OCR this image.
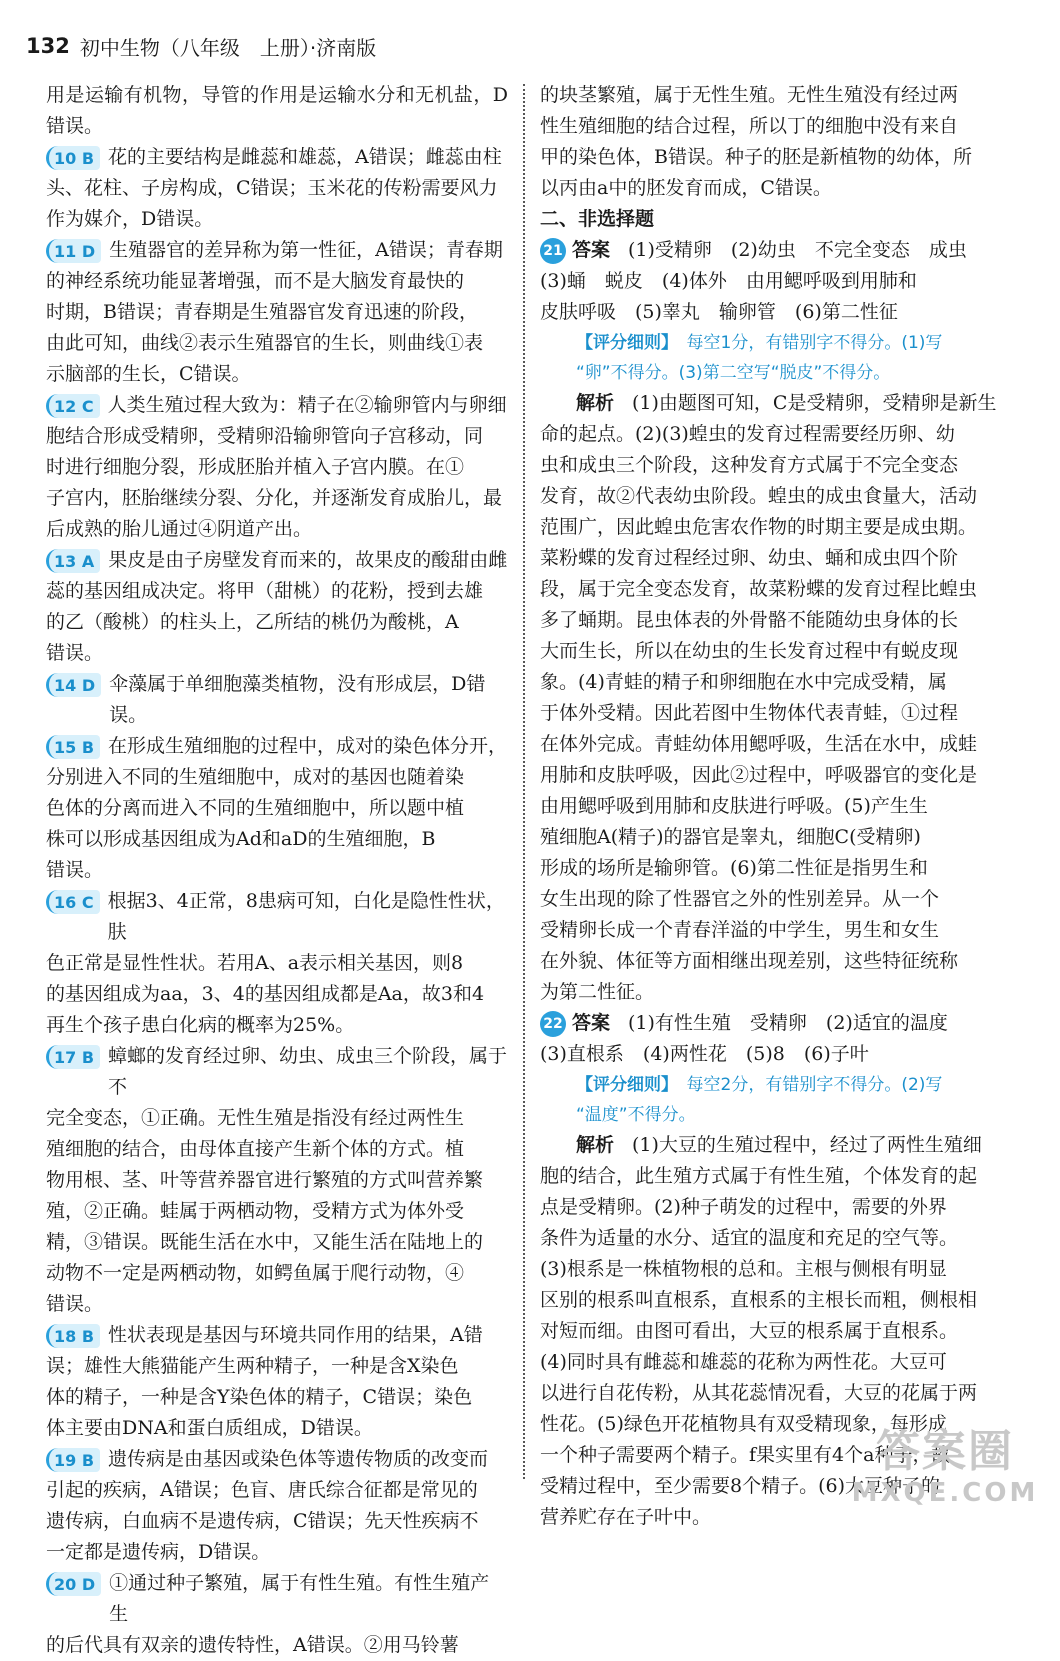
132 初中生物（八年级　上册）·济南版

用是运输有机物，导管的作用是运输水分和无机盐，D错误。

10 B 花的主要结构是雌蕊和雄蕊，A错误；雌蕊由柱

头、花柱、子房构成，C错误；玉米花的传粉需要风力

作为媒介，D错误。

11 D 生殖器官的差异称为第一性征，A错误；青春期

的神经系统功能显著增强，而不是大脑发育最快的

时期，B错误；青春期是生殖器官发育迅速的阶段，

由此可知，曲线②表示生殖器官的生长，则曲线①表

示脑部的生长，C错误。

12 C 人类生殖过程大致为：精子在②输卵管内与卵细

胞结合形成受精卵，受精卵沿输卵管向子宫移动，同

时进行细胞分裂，形成胚胎并植入子宫内膜。在①

子宫内，胚胎继续分裂、分化，并逐渐发育成胎儿，最

后成熟的胎儿通过④阴道产出。

13 A 果皮是由子房壁发育而来的，故果皮的酸甜由雌

蕊的基因组成决定。将甲（甜桃）的花粉，授到去雄

的乙（酸桃）的柱头上，乙所结的桃仍为酸桃，A

错误。

14 D 伞藻属于单细胞藻类植物，没有形成层，D错误。
15 B 在形成生殖细胞的过程中，成对的染色体分开，

分别进入不同的生殖细胞中，成对的基因也随着染

色体的分离而进入不同的生殖细胞中，所以题中植

株可以形成基因组成为Ad和aD的生殖细胞，B

错误。

16 C 根据3、4正常，8患病可知，白化是隐性性状，肤

色正常是显性性状。若用A、a表示相关基因，则8

的基因组成为aa，3、4的基因组成都是Aa，故3和4

再生个孩子患白化病的概率为25%。

17 B 蟑螂的发育经过卵、幼虫、成虫三个阶段，属于不

完全变态，①正确。无性生殖是指没有经过两性生

殖细胞的结合，由母体直接产生新个体的方式。植

物用根、茎、叶等营养器官进行繁殖的方式叫营养繁

殖，②正确。蛙属于两栖动物，受精方式为体外受

精，③错误。既能生活在水中，又能生活在陆地上的

动物不一定是两栖动物，如鳄鱼属于爬行动物，④

错误。

18 B 性状表现是基因与环境共同作用的结果，A错

误；雄性大熊猫能产生两种精子，一种是含X染色

体的精子，一种是含Y染色体的精子，C错误；染色

体主要由DNA和蛋白质组成，D错误。

19 B 遗传病是由基因或染色体等遗传物质的改变而

引起的疾病，A错误；色盲、唐氏综合征都是常见的

遗传病，白血病不是遗传病，C错误；先天性疾病不

一定都是遗传病，D错误。

20 D ①通过种子繁殖，属于有性生殖。有性生殖产生

的后代具有双亲的遗传特性，A错误。②用马铃薯

的块茎繁殖，属于无性生殖。无性生殖没有经过两

性生殖细胞的结合过程，所以丁的细胞中没有来自

甲的染色体，B错误。种子的胚是新植物的幼体，所

以丙由a中的胚发育而成，C错误。

二、非选择题
21 答案 (1)受精卵　(2)幼虫　不完全变态　成虫

(3)蛹　蜕皮　(4)体外　由用鳃呼吸到用肺和

皮肤呼吸　(5)睾丸　输卵管　(6)第二性征

【评分细则】　每空1分，有错别字不得分。(1)写
“卵”不得分。(3)第二空写“脱皮”不得分。
解析 (1)由题图可知，C是受精卵，受精卵是新生

命的起点。(2)(3)蝗虫的发育过程需要经历卵、幼

虫和成虫三个阶段，这种发育方式属于不完全变态

发育，故②代表幼虫阶段。蝗虫的成虫食量大，活动

范围广，因此蝗虫危害农作物的时期主要是成虫期。

菜粉蝶的发育过程经过卵、幼虫、蛹和成虫四个阶

段，属于完全变态发育，故菜粉蝶的发育过程比蝗虫

多了蛹期。昆虫体表的外骨骼不能随幼虫身体的长

大而生长，所以在幼虫的生长发育过程中有蜕皮现

象。(4)青蛙的精子和卵细胞在水中完成受精，属

于体外受精。因此若图中生物体代表青蛙，①过程

在体外完成。青蛙幼体用鳃呼吸，生活在水中，成蛙

用肺和皮肤呼吸，因此②过程中，呼吸器官的变化是

由用鳃呼吸到用肺和皮肤进行呼吸。(5)产生生

殖细胞A(精子)的器官是睾丸，细胞C(受精卵)

形成的场所是输卵管。(6)第二性征是指男生和

女生出现的除了性器官之外的性别差异。从一个

受精卵长成一个青春洋溢的中学生，男生和女生

在外貌、体征等方面相继出现差别，这些特征统称

为第二性征。

22 答案 (1)有性生殖　受精卵　(2)适宜的温度

(3)直根系　(4)两性花　(5)8　(6)子叶

【评分细则】　每空2分，有错别字不得分。(2)写
“温度”不得分。
解析 (1)大豆的生殖过程中，经过了两性生殖细

胞的结合，此生殖方式属于有性生殖，个体发育的起

点是受精卵。(2)种子萌发的过程中，需要的外界

条件为适量的水分、适宜的温度和充足的空气等。

(3)根系是一株植物根的总和。主根与侧根有明显

区别的根系叫直根系，直根系的主根长而粗，侧根相

对短而细。由图可看出，大豆的根系属于直根系。

(4)同时具有雌蕊和雄蕊的花称为两性花。大豆可

以进行自花传粉，从其花蕊情况看，大豆的花属于两

性花。(5)绿色开花植物具有双受精现象，每形成

一个种子需要两个精子。f果实里有4个a种子，故

受精过程中，至少需要8个精子。(6)大豆种子的

营养贮存在子叶中。

答案圈
MXQE.COM
